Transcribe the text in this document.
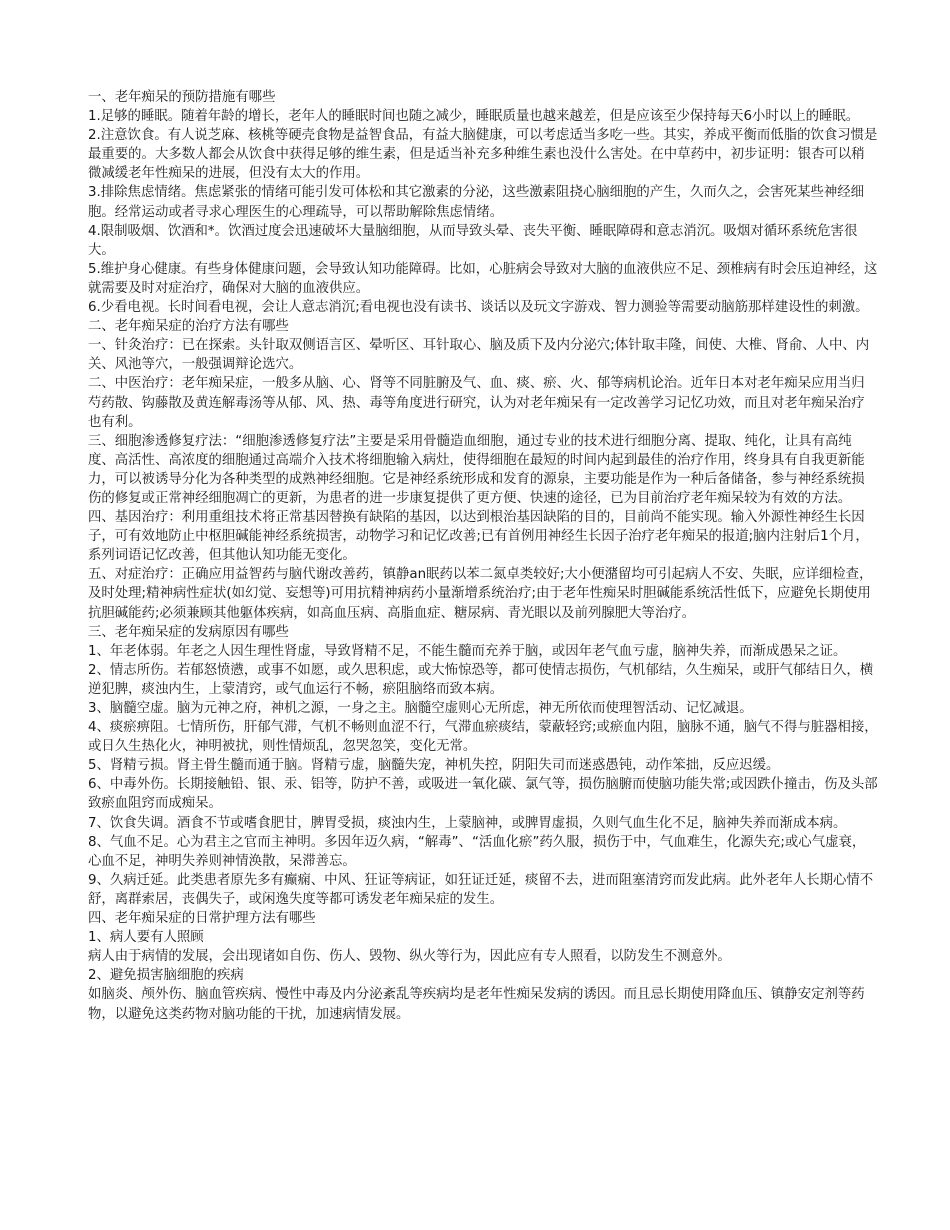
一、老年痴呆的预防措施有哪些

1.足够的睡眠。随着年龄的增长，老年人的睡眠时间也随之减少，睡眠质量也越来越差，但是应该至少保持每天6小时以上的睡眠。

2.注意饮食。有人说芝麻、核桃等硬壳食物是益智食品，有益大脑健康，可以考虑适当多吃一些。其实，养成平衡而低脂的饮食习惯是最重要的。大多数人都会从饮食中获得足够的维生素，但是适当补充多种维生素也没什么害处。在中草药中，初步证明：银杏可以稍微减缓老年性痴呆的进展，但没有太大的作用。

3.排除焦虑情绪。焦虑紧张的情绪可能引发可体松和其它激素的分泌，这些激素阻挠心脑细胞的产生，久而久之，会害死某些神经细胞。经常运动或者寻求心理医生的心理疏导，可以帮助解除焦虑情绪。

4.限制吸烟、饮酒和*。饮酒过度会迅速破坏大量脑细胞，从而导致头晕、丧失平衡、睡眠障碍和意志消沉。吸烟对循环系统危害很大。

5.维护身心健康。有些身体健康问题，会导致认知功能障碍。比如，心脏病会导致对大脑的血液供应不足、颈椎病有时会压迫神经，这就需要及时对症治疗，确保对大脑的血液供应。

6.少看电视。长时间看电视，会让人意志消沉;看电视也没有读书、谈话以及玩文字游戏、智力测验等需要动脑筋那样建设性的刺激。

二、老年痴呆症的治疗方法有哪些

一、针灸治疗：已在探索。头针取双侧语言区、晕听区、耳针取心、脑及质下及内分泌穴;体针取丰隆，间使、大椎、肾俞、人中、内关、风池等穴，一般强调辩论选穴。

二、中医治疗：老年痴呆症，一般多从脑、心、肾等不同脏腑及气、血、痰、瘀、火、郁等病机论治。近年日本对老年痴呆应用当归芍药散、钩藤散及黄连解毒汤等从郁、风、热、毒等角度进行研究，认为对老年痴呆有一定改善学习记忆功效，而且对老年痴呆治疗也有利。

三、细胞渗透修复疗法：“细胞渗透修复疗法”主要是采用骨髓造血细胞，通过专业的技术进行细胞分离、提取、纯化，让具有高纯度、高活性、高浓度的细胞通过高端介入技术将细胞输入病灶，使得细胞在最短的时间内起到最佳的治疗作用，终身具有自我更新能力，可以被诱导分化为各种类型的成熟神经细胞。它是神经系统形成和发育的源泉，主要功能是作为一种后备储备，参与神经系统损伤的修复或正常神经细胞凋亡的更新，为患者的进一步康复提供了更方便、快速的途径，已为目前治疗老年痴呆较为有效的方法。

四、基因治疗：利用重组技术将正常基因替换有缺陷的基因，以达到根治基因缺陷的目的，目前尚不能实现。输入外源性神经生长因子，可有效地防止中枢胆碱能神经系统损害，动物学习和记忆改善;已有首例用神经生长因子治疗老年痴呆的报道;脑内注射后1个月，系列词语记忆改善，但其他认知功能无变化。

五、对症治疗：正确应用益智药与脑代谢改善药，镇静an眠药以苯二氮卓类较好;大小便潴留均可引起病人不安、失眠，应详细检查，及时处理;精神病性症状(如幻觉、妄想等)可用抗精神病药小量渐增系统治疗;由于老年性痴呆时胆碱能系统活性低下，应避免长期使用抗胆碱能药;必须兼顾其他躯体疾病，如高血压病、高脂血症、糖尿病、青光眼以及前列腺肥大等治疗。

三、老年痴呆症的发病原因有哪些

1、年老体弱。年老之人因生理性肾虚，导致肾精不足，不能生髓而充养于脑，或因年老气血亏虚，脑神失养，而渐成愚呆之证。

2、情志所伤。若郁怒愤懑，或事不如愿，或久思积虑，或大怖惊恐等，都可使情志损伤，气机郁结，久生痴呆，或肝气郁结日久，横逆犯脾，痰浊内生，上蒙清窍，或气血运行不畅，瘀阻脑络而致本病。

3、脑髓空虚。脑为元神之府，神机之源，一身之主。脑髓空虚则心无所虑，神无所依而使理智活动、记忆减退。

4、痰瘀痹阻。七情所伤，肝郁气滞，气机不畅则血涩不行，气滞血瘀痰结，蒙蔽轻窍;或瘀血内阻，脑脉不通，脑气不得与脏器相接，或日久生热化火，神明被扰，则性情烦乱，忽哭忽笑，变化无常。

5、肾精亏损。肾主骨生髓而通于脑。肾精亏虚，脑髓失宠，神机失控，阴阳失司而迷惑愚钝，动作笨拙，反应迟缓。

6、中毒外伤。长期接触铅、银、汞、铝等，防护不善，或吸进一氧化碳、氯气等，损伤脑腑而使脑功能失常;或因跌仆撞击，伤及头部致瘀血阻窍而成痴呆。

7、饮食失调。酒食不节或嗜食肥甘，脾胃受损，痰浊内生，上蒙脑神，或脾胃虚损，久则气血生化不足，脑神失养而渐成本病。

8、气血不足。心为君主之官而主神明。多因年迈久病，“解毒”、“活血化瘀”药久服，损伤于中，气血难生，化源失充;或心气虚衰，心血不足，神明失养则神情涣散，呆滞善忘。

9、久病迁延。此类患者原先多有癫痫、中风、狂证等病证，如狂证迁延，痰留不去，进而阻塞清窍而发此病。此外老年人长期心情不舒，离群索居，丧偶失子，或闲逸失度等都可诱发老年痴呆症的发生。

四、老年痴呆症的日常护理方法有哪些

1、病人要有人照顾

病人由于病情的发展，会出现诸如自伤、伤人、毁物、纵火等行为，因此应有专人照看，以防发生不测意外。

2、避免损害脑细胞的疾病

如脑炎、颅外伤、脑血管疾病、慢性中毒及内分泌紊乱等疾病均是老年性痴呆发病的诱因。而且忌长期使用降血压、镇静安定剂等药物，以避免这类药物对脑功能的干扰，加速病情发展。
